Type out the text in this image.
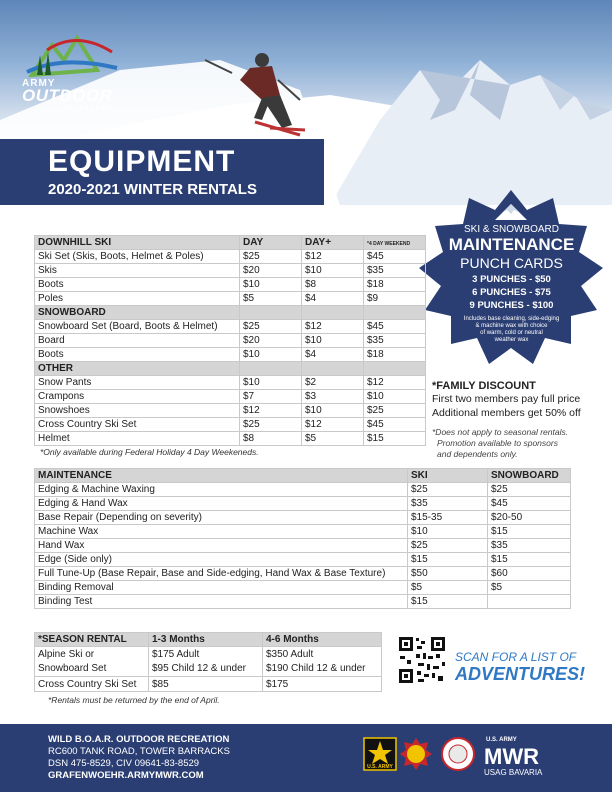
ARMY
OUTDOOR
RECREATION
EQUIPMENT
2020-2021 WINTER RENTALS
SKI & SNOWBOARD
MAINTENANCE
PUNCH CARDS
3 PUNCHES - $50
6 PUNCHES - $75
9 PUNCHES - $100
Includes base cleaning, side-edging
& machine wax with choice
of warm, cold or neutral
weather wax
DOWNHILL SKI	DAY	DAY+	*4 DAY WEEKEND
Ski Set (Skis, Boots, Helmet & Poles)	$25	$12	$45
Skis	$20	$10	$35
Boots	$10	$8	$18
Poles	$5	$4	$9
SNOWBOARD			
Snowboard Set (Board, Boots & Helmet)	$25	$12	$45
Board	$20	$10	$35
Boots	$10	$4	$18
OTHER			
Snow Pants	$10	$2	$12
Crampons	$7	$3	$10
Snowshoes	$12	$10	$25
Cross Country Ski Set	$25	$12	$45
Helmet	$8	$5	$15
*Only available during Federal Holiday 4 Day Weekeneds.
*FAMILY DISCOUNT
First two members pay full price
Additional members get 50% off
*Does not apply to seasonal rentals.
Promotion available to sponsors
and dependents only.
MAINTENANCE	SKI	SNOWBOARD
Edging & Machine Waxing	$25	$25
Edging & Hand Wax	$35	$45
Base Repair (Depending on severity)	$15-35	$20-50
Machine Wax	$10	$15
Hand Wax	$25	$35
Edge (Side only)	$15	$15
Full Tune-Up (Base Repair, Base and Side-edging, Hand Wax & Base Texture)	$50	$60
Binding Removal	$5	$5
Binding Test	$15	
*SEASON RENTAL	1-3 Months	4-6 Months
Alpine Ski or	$175 Adult	$350 Adult
Snowboard Set	$95 Child 12 & under	$190 Child 12 & under
Cross Country Ski Set	$85	$175
*Rentals must be returned by the end of April.
SCAN FOR A LIST OF
ADVENTURES!
WILD B.O.A.R. OUTDOOR RECREATION
RC600 TANK ROAD, TOWER BARRACKS
DSN 475-8529, CIV 09641-83-8529
GRAFENWOEHR.ARMYMWR.COM
U.S. ARMY
U.S. ARMY
MWR
USAG BAVARIA
